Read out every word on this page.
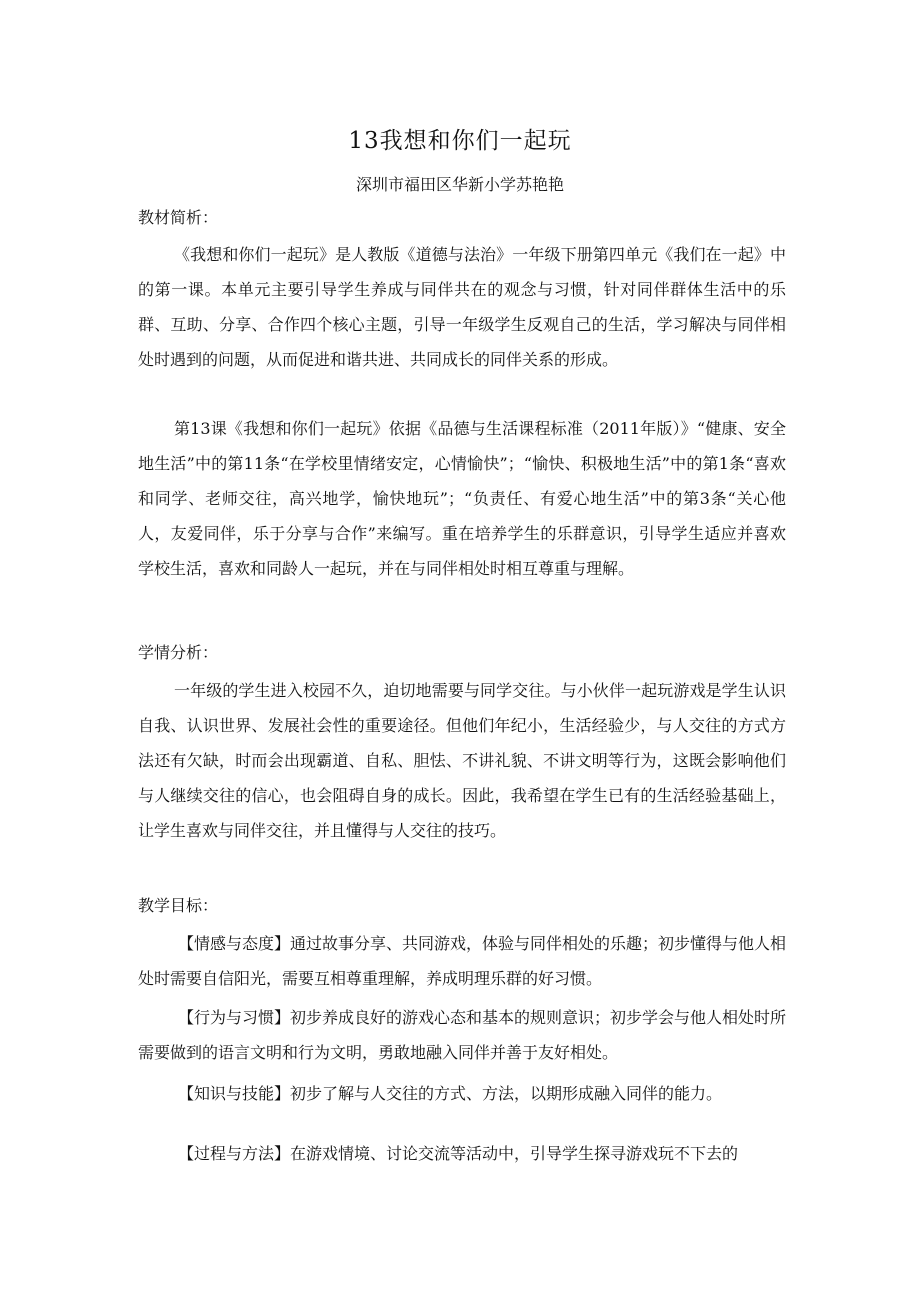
13我想和你们一起玩
深圳市福田区华新小学苏艳艳
教材简析：

《我想和你们一起玩》是人教版《道德与法治》一年级下册第四单元《我们在一起》中的第一课。本单元主要引导学生养成与同伴共在的观念与习惯，针对同伴群体生活中的乐群、互助、分享、合作四个核心主题，引导一年级学生反观自己的生活，学习解决与同伴相处时遇到的问题，从而促进和谐共进、共同成长的同伴关系的形成。

第13课《我想和你们一起玩》依据《品德与生活课程标准（2011年版）》“健康、安全地生活”中的第11条“在学校里情绪安定，心情愉快”；“愉快、积极地生活”中的第1条“喜欢和同学、老师交往，高兴地学，愉快地玩”；“负责任、有爱心地生活”中的第3条“关心他人，友爱同伴，乐于分享与合作”来编写。重在培养学生的乐群意识，引导学生适应并喜欢学校生活，喜欢和同龄人一起玩，并在与同伴相处时相互尊重与理解。

学情分析：

一年级的学生进入校园不久，迫切地需要与同学交往。与小伙伴一起玩游戏是学生认识自我、认识世界、发展社会性的重要途径。但他们年纪小，生活经验少，与人交往的方式方法还有欠缺，时而会出现霸道、自私、胆怯、不讲礼貌、不讲文明等行为，这既会影响他们与人继续交往的信心，也会阻碍自身的成长。因此，我希望在学生已有的生活经验基础上，让学生喜欢与同伴交往，并且懂得与人交往的技巧。

教学目标：

【情感与态度】通过故事分享、共同游戏，体验与同伴相处的乐趣；初步懂得与他人相处时需要自信阳光，需要互相尊重理解，养成明理乐群的好习惯。

【行为与习惯】初步养成良好的游戏心态和基本的规则意识；初步学会与他人相处时所需要做到的语言文明和行为文明，勇敢地融入同伴并善于友好相处。

【知识与技能】初步了解与人交往的方式、方法，以期形成融入同伴的能力。

【过程与方法】在游戏情境、讨论交流等活动中，引导学生探寻游戏玩不下去的
